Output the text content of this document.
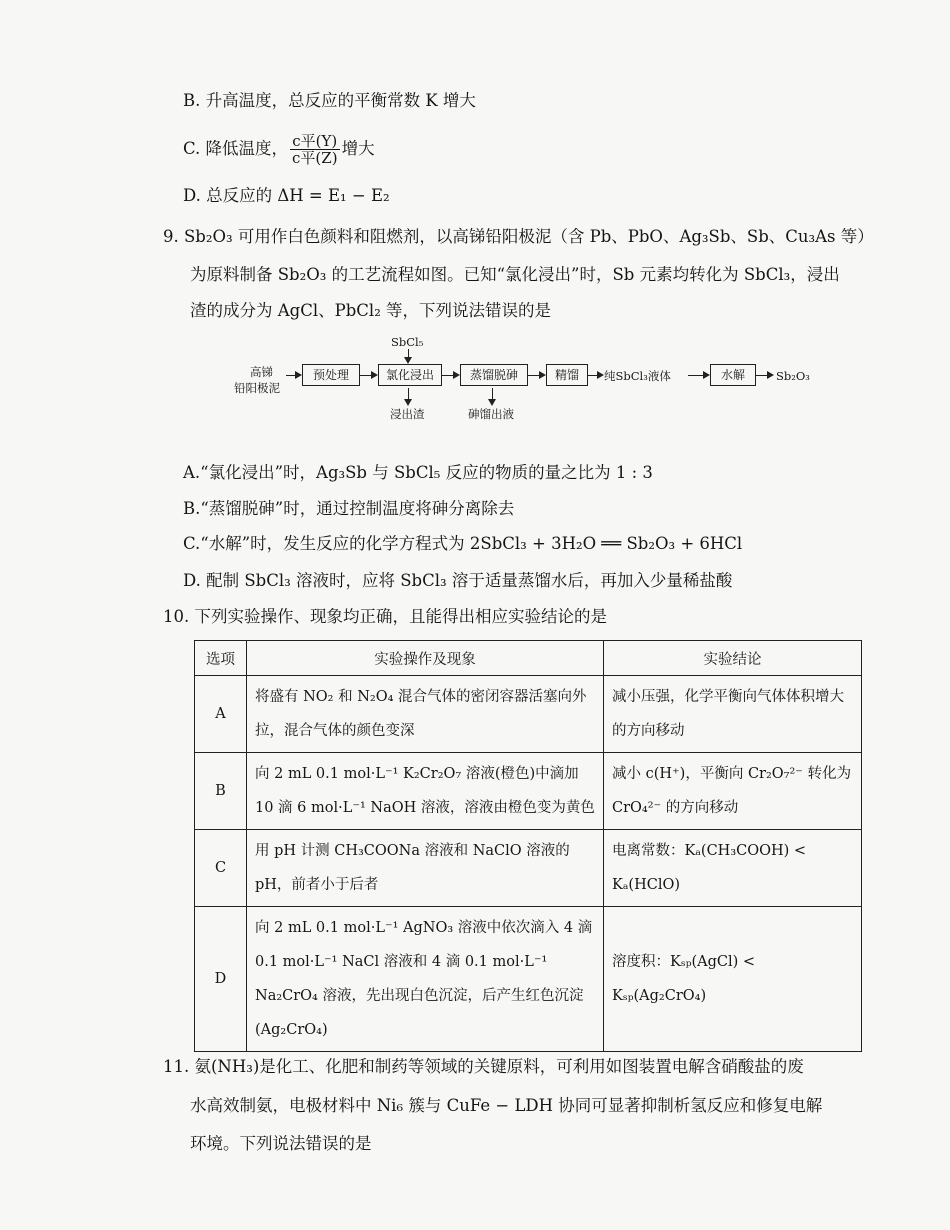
B. 升高温度，总反应的平衡常数 K 增大
C. 降低温度， $\frac{\text{c平(Y)}}{\text{c平(Z)}}$ 增大
D. 总反应的 ΔH = E₁ − E₂
9. Sb₂O₃ 可用作白色颜料和阻燃剂，以高锑铅阳极泥（含 Pb、PbO、Ag₃Sb、Sb、Cu₃As 等）
为原料制备 Sb₂O₃ 的工艺流程如图。已知“氯化浸出”时，Sb 元素均转化为 SbCl₃，浸出
渣的成分为 AgCl、PbCl₂ 等，下列说法错误的是
高锑
铅阳极泥
预处理
SbCl₅
氯化浸出
浸出渣
蒸馏脱砷
砷馏出液
精馏	纯SbCl₃液体	水解	Sb₂O₃
A.“氯化浸出”时，Ag₃Sb 与 SbCl₅ 反应的物质的量之比为 1 : 3
B.“蒸馏脱砷”时，通过控制温度将砷分离除去
C.“水解”时，发生反应的化学方程式为 2SbCl₃ + 3H₂O ══ Sb₂O₃ + 6HCl
D. 配制 SbCl₃ 溶液时，应将 SbCl₃ 溶于适量蒸馏水后，再加入少量稀盐酸
10. 下列实验操作、现象均正确，且能得出相应实验结论的是
选项	实验操作及现象	实验结论
A	将盛有 NO₂ 和 N₂O₄ 混合气体的密闭容器活塞向外拉，混合气体的颜色变深	减小压强，化学平衡向气体体积增大的方向移动
B	向 2 mL 0.1 mol·L⁻¹ K₂Cr₂O₇ 溶液(橙色)中滴加 10 滴 6 mol·L⁻¹ NaOH 溶液，溶液由橙色变为黄色	减小 c(H⁺)，平衡向 Cr₂O₇²⁻ 转化为 CrO₄²⁻ 的方向移动
C	用 pH 计测 CH₃COONa 溶液和 NaClO 溶液的 pH，前者小于后者	电离常数：Kₐ(CH₃COOH) < Kₐ(HClO)
D	向 2 mL 0.1 mol·L⁻¹ AgNO₃ 溶液中依次滴入 4 滴 0.1 mol·L⁻¹ NaCl 溶液和 4 滴 0.1 mol·L⁻¹ Na₂CrO₄ 溶液，先出现白色沉淀，后产生红色沉淀(Ag₂CrO₄)	溶度积：Kₛₚ(AgCl) < Kₛₚ(Ag₂CrO₄)
11. 氨(NH₃)是化工、化肥和制药等领域的关键原料，可利用如图装置电解含硝酸盐的废
水高效制氨，电极材料中 Ni₆ 簇与 CuFe − LDH 协同可显著抑制析氢反应和修复电解
环境。下列说法错误的是
